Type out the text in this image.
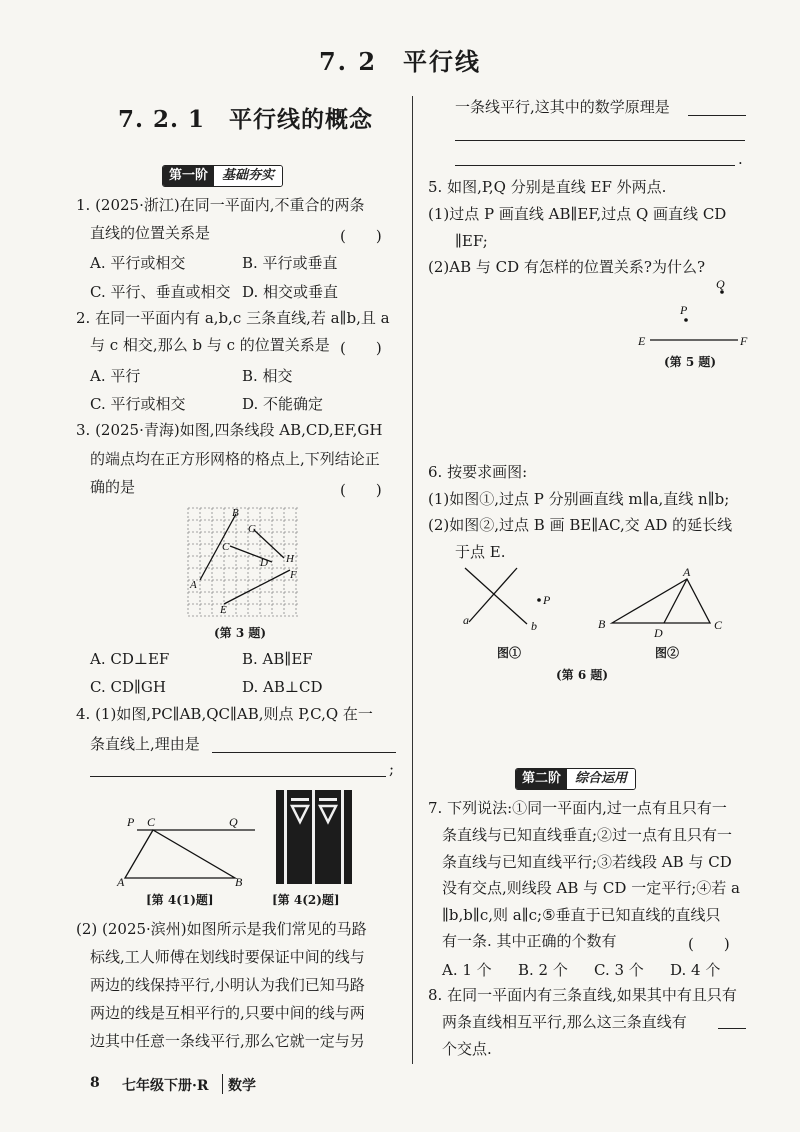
7. 2　平行线
7. 2. 1　平行线的概念
第一阶	基础夯实
1. (2025·浙江)在同一平面内,不重合的两条
直线的位置关系是	(　　)
A. 平行或相交	B. 平行或垂直
C. 平行、垂直或相交 D. 相交或垂直
2. 在同一平面内有 a,b,c 三条直线,若 a∥b,且 a
与 c 相交,那么 b 与 c 的位置关系是 (　　)
A. 平行	B. 相交
C. 平行或相交	D. 不能确定
3. (2025·青海)如图,四条线段 AB,CD,EF,GH
的端点均在正方形网格的格点上,下列结论正
确的是	(　　)
A
B
C
D
E
F
G
H
(第 3 题)
A. CD⊥EF	B. AB∥EF
C. CD∥GH	D. AB⊥CD
4. (1)如图,PC∥AB,QC∥AB,则点 P,C,Q 在一
条直线上,理由是
;
P C	Q
A	B
[第 4(1)题]	[第 4(2)题]
(2) (2025·滨州)如图所示是我们常见的马路
标线,工人师傅在划线时要保证中间的线与
两边的线保持平行,小明认为我们已知马路
两边的线是互相平行的,只要中间的线与两
边其中任意一条线平行,那么它就一定与另
8 七年级下册·R 数学
一条线平行,这其中的数学原理是
.
5. 如图,P,Q 分别是直线 EF 外两点.
(1)过点 P 画直线 AB∥EF,过点 Q 画直线 CD
∥EF;
(2)AB 与 CD 有怎样的位置关系?为什么?
P
Q
E	F
(第 5 题)
6. 按要求画图:
(1)如图①,过点 P 分别画直线 m∥a,直线 n∥b;
(2)如图②,过点 B 画 BE∥AC,交 AD 的延长线
于点 E.
P
a	b
图①
A
B	C
D
图②
(第 6 题)
第二阶	综合运用
7. 下列说法:①同一平面内,过一点有且只有一
条直线与已知直线垂直;②过一点有且只有一
条直线与已知直线平行;③若线段 AB 与 CD
没有交点,则线段 AB 与 CD 一定平行;④若 a
∥b,b∥c,则 a∥c;⑤垂直于已知直线的直线只
有一条. 其中正确的个数有	(　　)
A. 1 个 B. 2 个 C. 3 个 D. 4 个
8. 在同一平面内有三条直线,如果其中有且只有
两条直线相互平行,那么这三条直线有
个交点.
